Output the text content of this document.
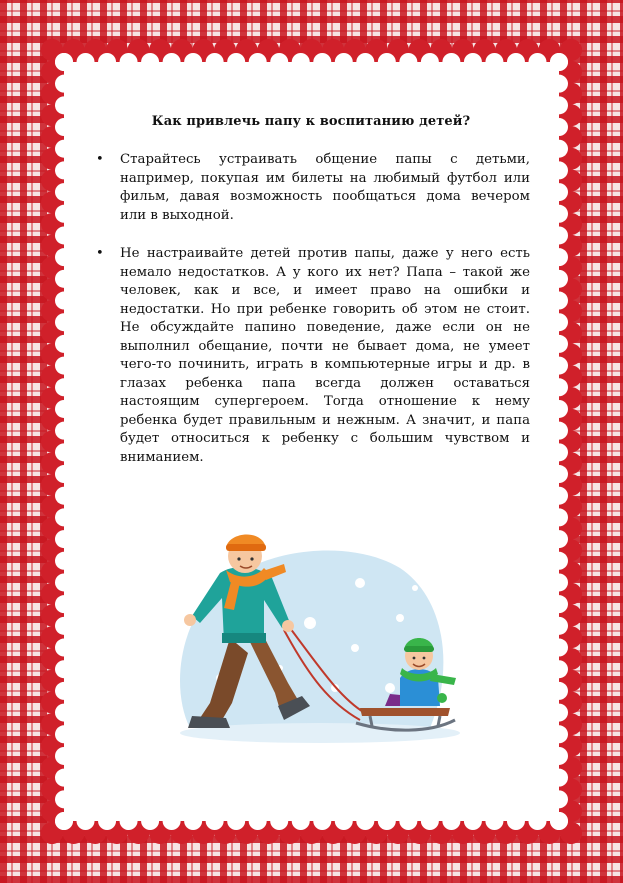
Как привлечь папу к воспитанию детей?
• Старайтесь устраивать общение папы с детьми, например, покупая им билеты на любимый футбол или фильм, давая возможность пообщаться дома вечером или в выходной.

• Не настраивайте детей против папы, даже у него есть немало недостатков. А у кого их нет? Папа – такой же человек, как и все, и имеет право на ошибки и недостатки. Но при ребенке говорить об этом не стоит. Не обсуждайте папино поведение, даже если он не выполнил обещание, почти не бывает дома, не умеет чего-то починить, играть в компьютерные игры и др. в глазах ребенка папа всегда должен оставаться настоящим супергероем. Тогда отношение к нему ребенка будет правильным и нежным. А значит, и папа будет относиться к ребенку с большим чувством и вниманием.
